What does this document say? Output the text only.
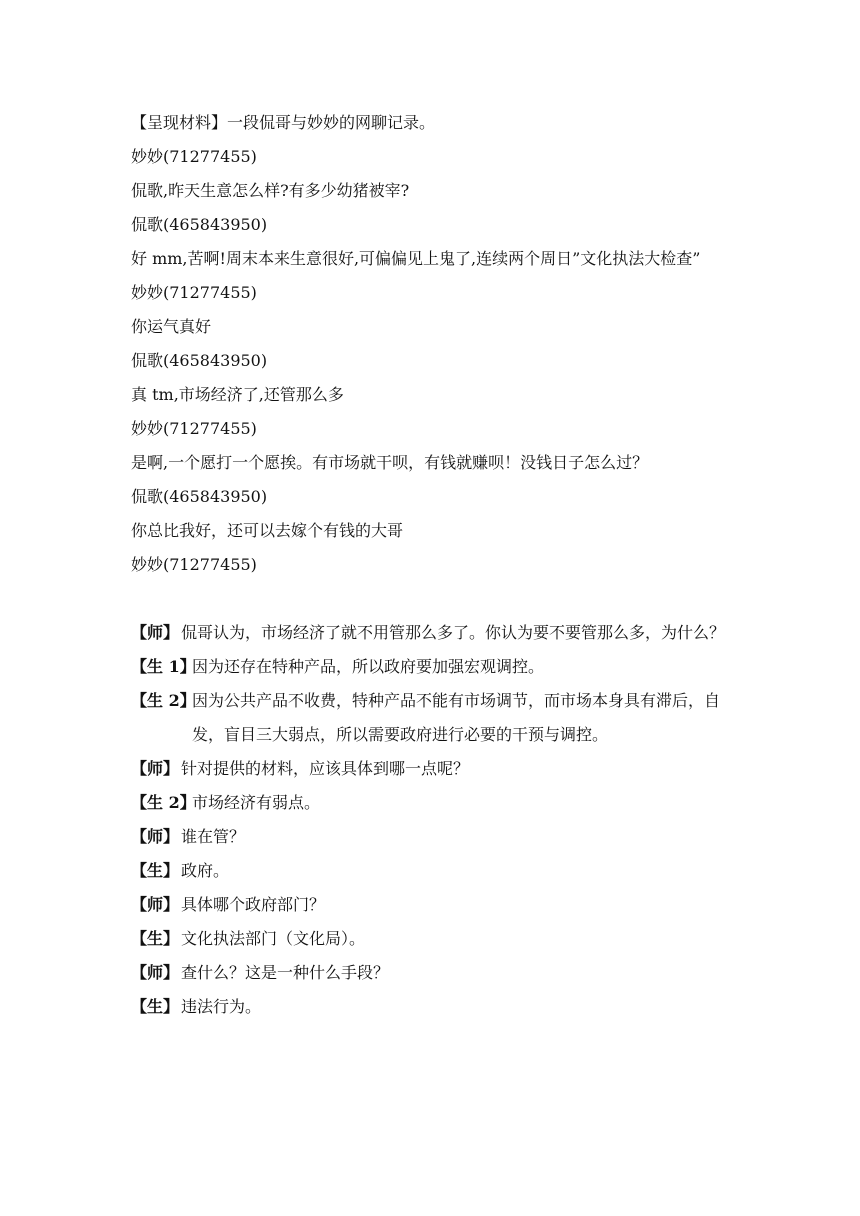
【呈现材料】一段侃哥与妙妙的网聊记录。

妙妙(71277455)

侃歌,昨天生意怎么样?有多少幼猪被宰?

侃歌(465843950)

好 mm,苦啊!周末本来生意很好,可偏偏见上鬼了,连续两个周日”文化执法大检查”

妙妙(71277455)

你运气真好

侃歌(465843950)

真 tm,市场经济了,还管那么多

妙妙(71277455)

是啊,一个愿打一个愿挨。有市场就干呗，有钱就赚呗！没钱日子怎么过？

侃歌(465843950)

你总比我好，还可以去嫁个有钱的大哥

妙妙(71277455)

【师】 侃哥认为，市场经济了就不用管那么多了。你认为要不要管那么多，为什么？
【生 1】
因为还存在特种产品，所以政府要加强宏观调控。
【生 2】
因为公共产品不收费，特种产品不能有市场调节，而市场本身具有滞后，自发，盲目三大弱点，所以需要政府进行必要的干预与调控。
【师】 针对提供的材料，应该具体到哪一点呢？
【生 2】
市场经济有弱点。
【师】 谁在管？
【生】 政府。
【师】 具体哪个政府部门？
【生】 文化执法部门（文化局）。
【师】 查什么？这是一种什么手段？
【生】 违法行为。
